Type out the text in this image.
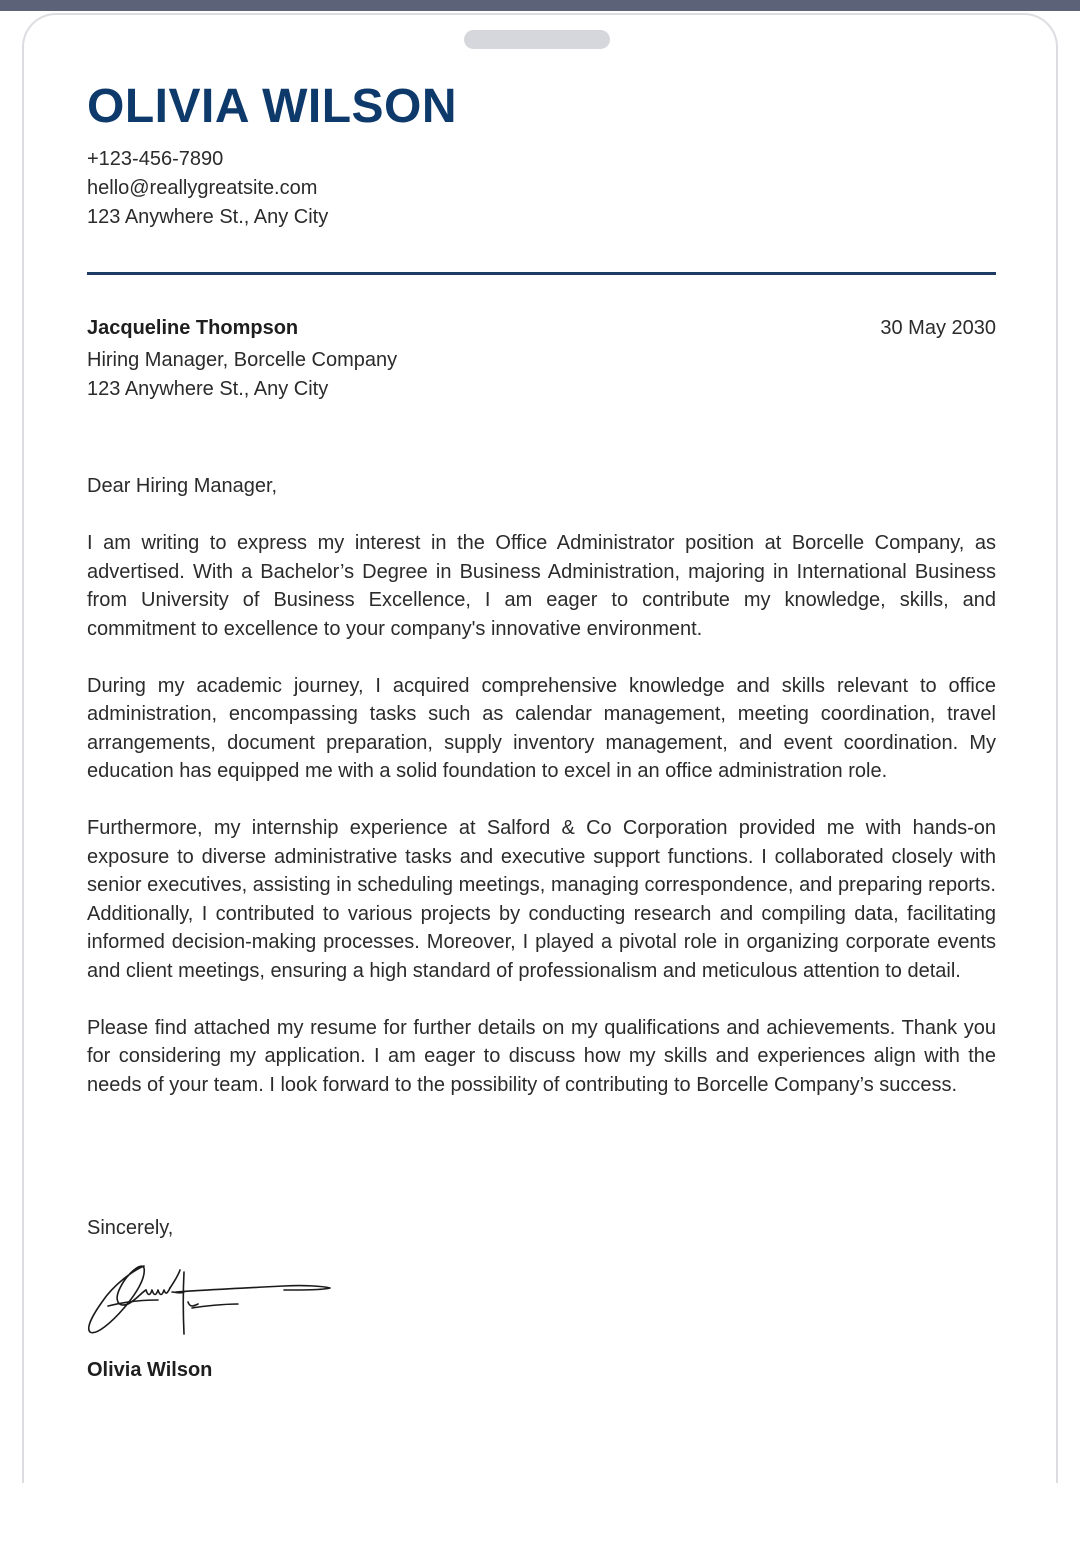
OLIVIA WILSON
+123-456-7890
hello@reallygreatsite.com
123 Anywhere St., Any City
Jacqueline Thompson
Hiring Manager, Borcelle Company
123 Anywhere St., Any City
30 May 2030
Dear Hiring Manager,

I am writing to express my interest in the Office Administrator position at Borcelle Company, as advertised. With a Bachelor’s Degree in Business Administration, majoring in International Business from University of Business Excellence, I am eager to contribute my knowledge, skills, and commitment to excellence to your company's innovative environment.

During my academic journey, I acquired comprehensive knowledge and skills relevant to office administration, encompassing tasks such as calendar management, meeting coordination, travel arrangements, document preparation, supply inventory management, and event coordination. My education has equipped me with a solid foundation to excel in an office administration role.

Furthermore, my internship experience at Salford & Co Corporation provided me with hands-on exposure to diverse administrative tasks and executive support functions. I collaborated closely with senior executives, assisting in scheduling meetings, managing correspondence, and preparing reports. Additionally, I contributed to various projects by conducting research and compiling data, facilitating informed decision-making processes. Moreover, I played a pivotal role in organizing corporate events and client meetings, ensuring a high standard of professionalism and meticulous attention to detail.

Please find attached my resume for further details on my qualifications and achievements. Thank you for considering my application. I am eager to discuss how my skills and experiences align with the needs of your team. I look forward to the possibility of contributing to Borcelle Company’s success.

Sincerely,
Olivia Wilson
